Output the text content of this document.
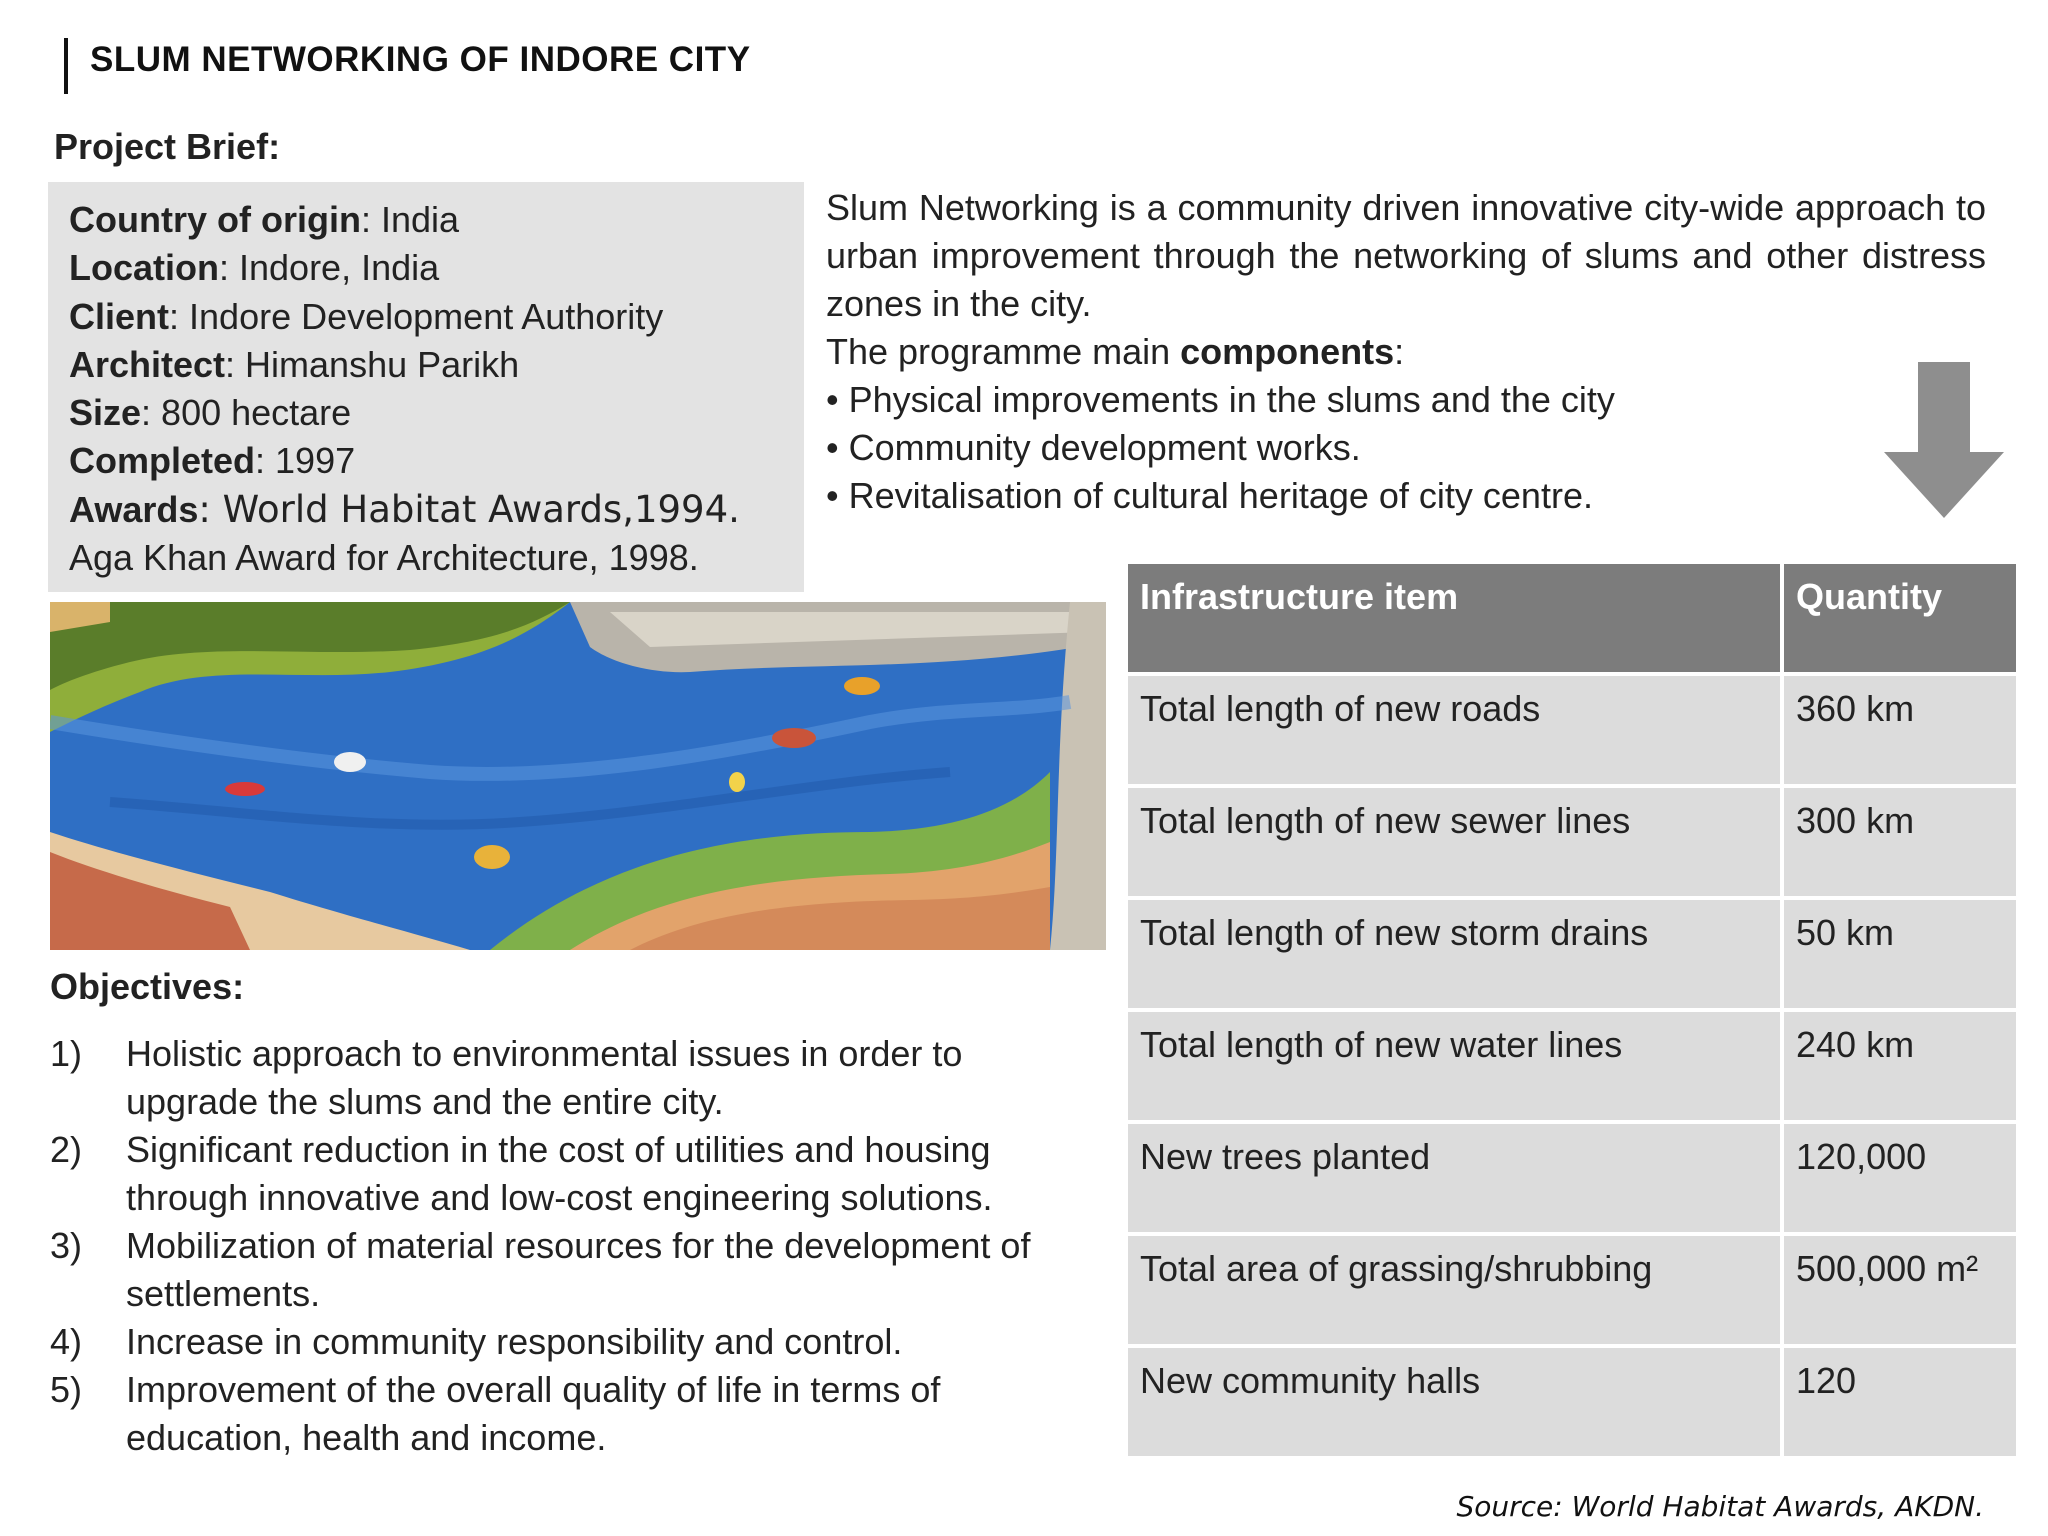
SLUM NETWORKING OF INDORE CITY
Project Brief:
Country of origin: India
Location: Indore, India
Client: Indore Development Authority
Architect: Himanshu Parikh
Size: 800 hectare
Completed: 1997
Awards: World Habitat Awards,1994.
Aga Khan Award for Architecture, 1998.

Slum Networking is a community driven innovative city-wide approach to urban improvement through the networking of slums and other distress zones in the city.

The programme main components:

• Physical improvements in the slums and the city

• Community development works.

• Revitalisation of cultural heritage of city centre.

Objectives:
1)	Holistic approach to environmental issues in order to upgrade the slums and the entire city.
2)	Significant reduction in the cost of utilities and housing through innovative and low-cost engineering solutions.
3)	Mobilization of material resources for the development of settlements.
4)	Increase in community responsibility and control.
5)	Improvement of the overall quality of life in terms of education, health and income.
Infrastructure item	Quantity
Total length of new roads	360 km
Total length of new sewer lines	300 km
Total length of new storm drains	50 km
Total length of new water lines	240 km
New trees planted	120,000
Total area of grassing/shrubbing	500,000 m²
New community halls	120
Source: World Habitat Awards, AKDN.
